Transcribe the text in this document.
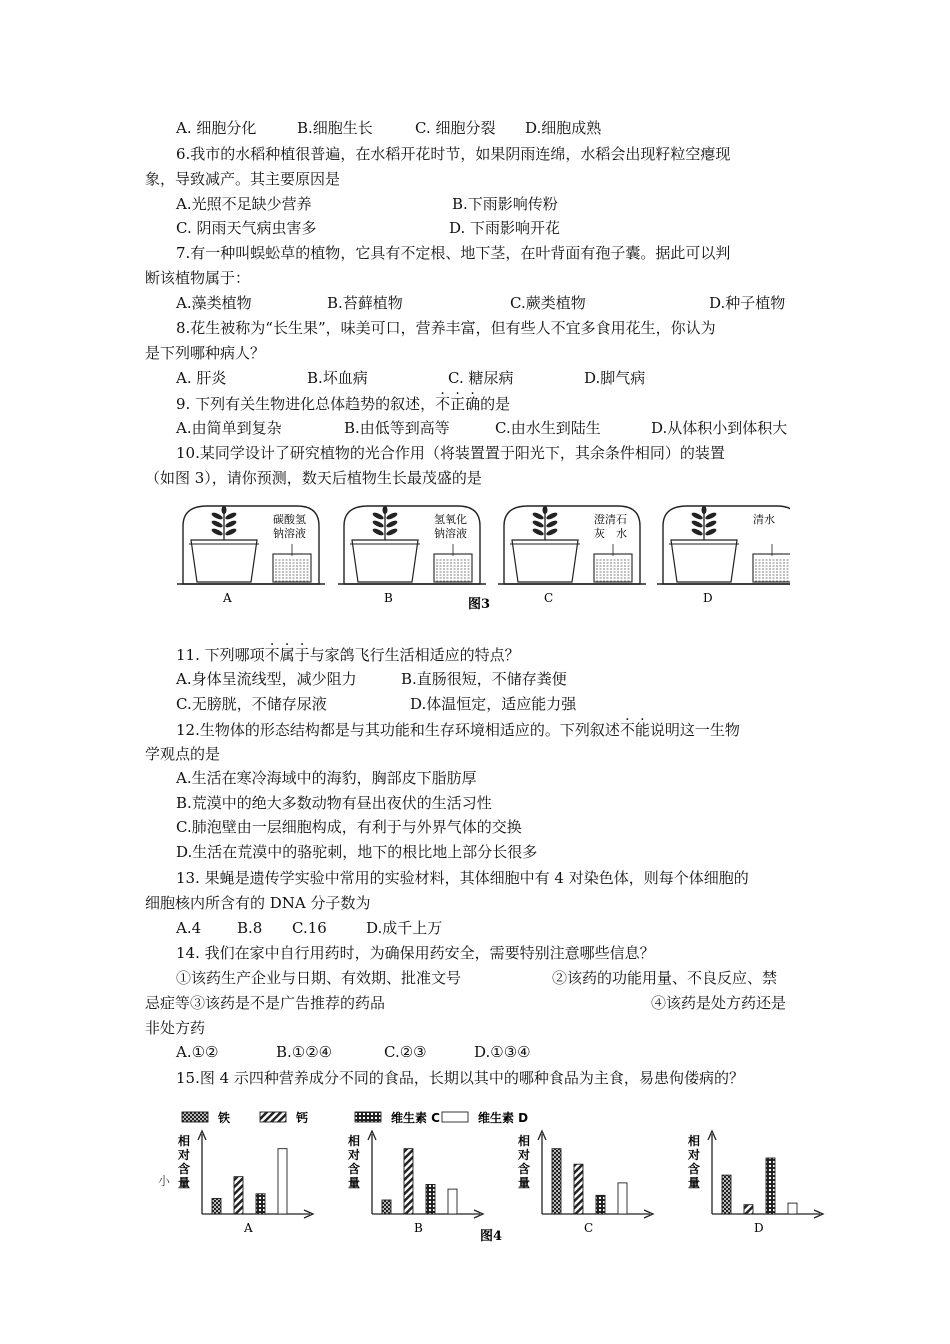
A. 细胞分化	B.细胞生长	C. 细胞分裂 D.细胞成熟
6.我市的水稻种植很普遍，在水稻开花时节，如果阴雨连绵，水稻会出现籽粒空瘪现
象，导致减产。其主要原因是
A.光照不足缺少营养	B.下雨影响传粉
C. 阴雨天气病虫害多	D. 下雨影响开花
7.有一种叫蜈蚣草的植物，它具有不定根、地下茎，在叶背面有孢子囊。据此可以判
断该植物属于：
A.藻类植物	B.苔藓植物	C.蕨类植物	D.种子植物
8.花生被称为“长生果”，味美可口，营养丰富，但有些人不宜多食用花生，你认为
是下列哪种病人？
A. 肝炎	B.坏血病	C. 糖尿病	D.脚气病
9. 下列有关生物进化总体趋势的叙述，不正确的是
A.由简单到复杂	B.由低等到高等	C.由水生到陆生	D.从体积小到体积大
10.某同学设计了研究植物的光合作用（将装置置于阳光下，其余条件相同）的装置
（如图 3），请你预测，数天后植物生长最茂盛的是
碳酸氢
钠溶液
A
氢氧化
钠溶液
B
澄清石
灰　水
C
清水
D
图3
11. 下列哪项不属于与家鸽飞行生活相适应的特点？
A.身体呈流线型，减少阻力	B.直肠很短，不储存粪便
C.无膀胱，不储存尿液	D.体温恒定，适应能力强
12.生物体的形态结构都是与其功能和生存环境相适应的。下列叙述不能说明这一生物
学观点的是
A.生活在寒冷海域中的海豹，胸部皮下脂肪厚
B.荒漠中的绝大多数动物有昼出夜伏的生活习性
C.肺泡壁由一层细胞构成，有利于与外界气体的交换
D.生活在荒漠中的骆驼刺，地下的根比地上部分长很多
13. 果蝇是遗传学实验中常用的实验材料，其体细胞中有 4 对染色体，则每个体细胞的
细胞核内所含有的 DNA 分子数为
A.4 B.8 C.16	D.成千上万
14. 我们在家中自行用药时，为确保用药安全，需要特别注意哪些信息？
①该药生产企业与日期、有效期、批准文号	②该药的功能用量、不良反应、禁
忌症等③该药是不是广告推荐的药品	④该药是处方药还是
非处方药
A.①②	B.①②④	C.②③	D.①③④
15.图 4 示四种营养成分不同的食品，长期以其中的哪种食品为主食，易患佝偻病的？
铁	钙	维生素 C	维生素 D
小
相
对
含
量
A
相
对
含
量
B
相
对
含
量
C
相
对
含
量
D
图4
